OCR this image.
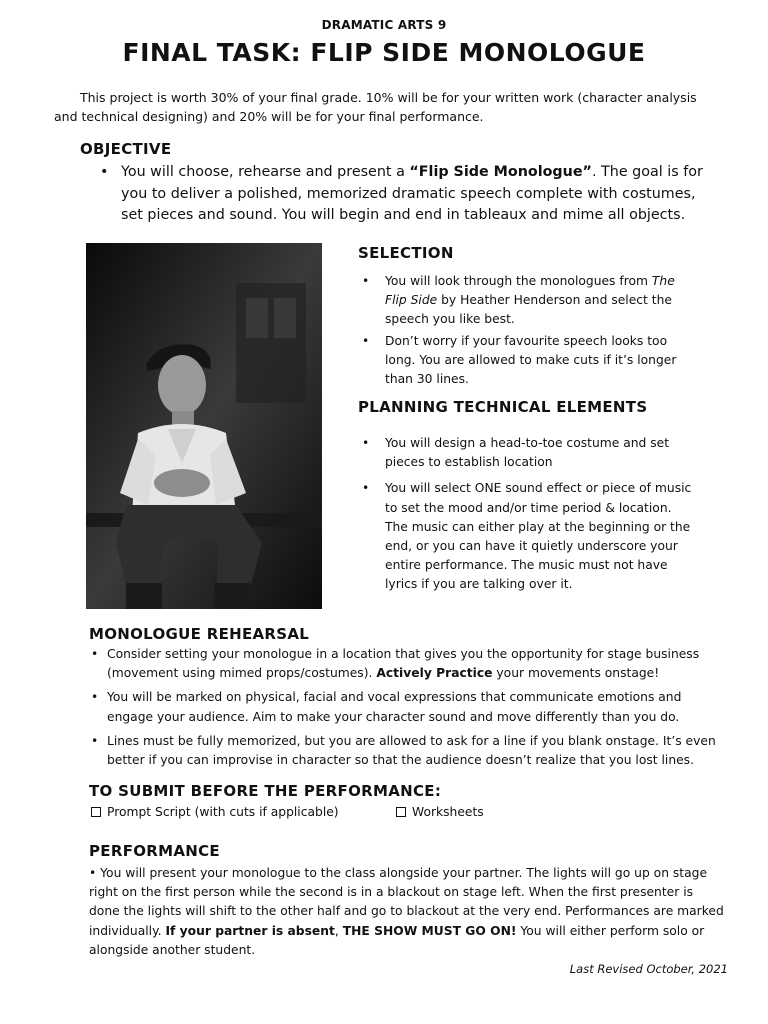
DRAMATIC ARTS 9
FINAL TASK: FLIP SIDE MONOLOGUE
This project is worth 30% of your final grade. 10% will be for your written work (character analysis and technical designing) and 20% will be for your final performance.
OBJECTIVE
• You will choose, rehearse and present a “Flip Side Monologue”. The goal is for you to deliver a polished, memorized dramatic speech complete with costumes, set pieces and sound. You will begin and end in tableaux and mime all objects.
SELECTION
• You will look through the monologues from The Flip Side by Heather Henderson and select the speech you like best.
• Don’t worry if your favourite speech looks too long. You are allowed to make cuts if it’s longer than 30 lines.
PLANNING TECHNICAL ELEMENTS
• You will design a head-to-toe costume and set pieces to establish location
• You will select ONE sound effect or piece of music to set the mood and/or time period & location. The music can either play at the beginning or the end, or you can have it quietly underscore your entire performance. The music must not have lyrics if you are talking over it.
MONOLOGUE REHEARSAL
• Consider setting your monologue in a location that gives you the opportunity for stage business (movement using mimed props/costumes). Actively Practice your movements onstage!
• You will be marked on physical, facial and vocal expressions that communicate emotions and engage your audience. Aim to make your character sound and move differently than you do.
• Lines must be fully memorized, but you are allowed to ask for a line if you blank onstage. It’s even better if you can improvise in character so that the audience doesn’t realize that you lost lines.
TO SUBMIT BEFORE THE PERFORMANCE:
Prompt Script (with cuts if applicable)	Worksheets
PERFORMANCE
• You will present your monologue to the class alongside your partner. The lights will go up on stage right on the first person while the second is in a blackout on stage left. When the first presenter is done the lights will shift to the other half and go to blackout at the very end. Performances are marked individually. If your partner is absent, THE SHOW MUST GO ON! You will either perform solo or alongside another student.
Last Revised October, 2021
